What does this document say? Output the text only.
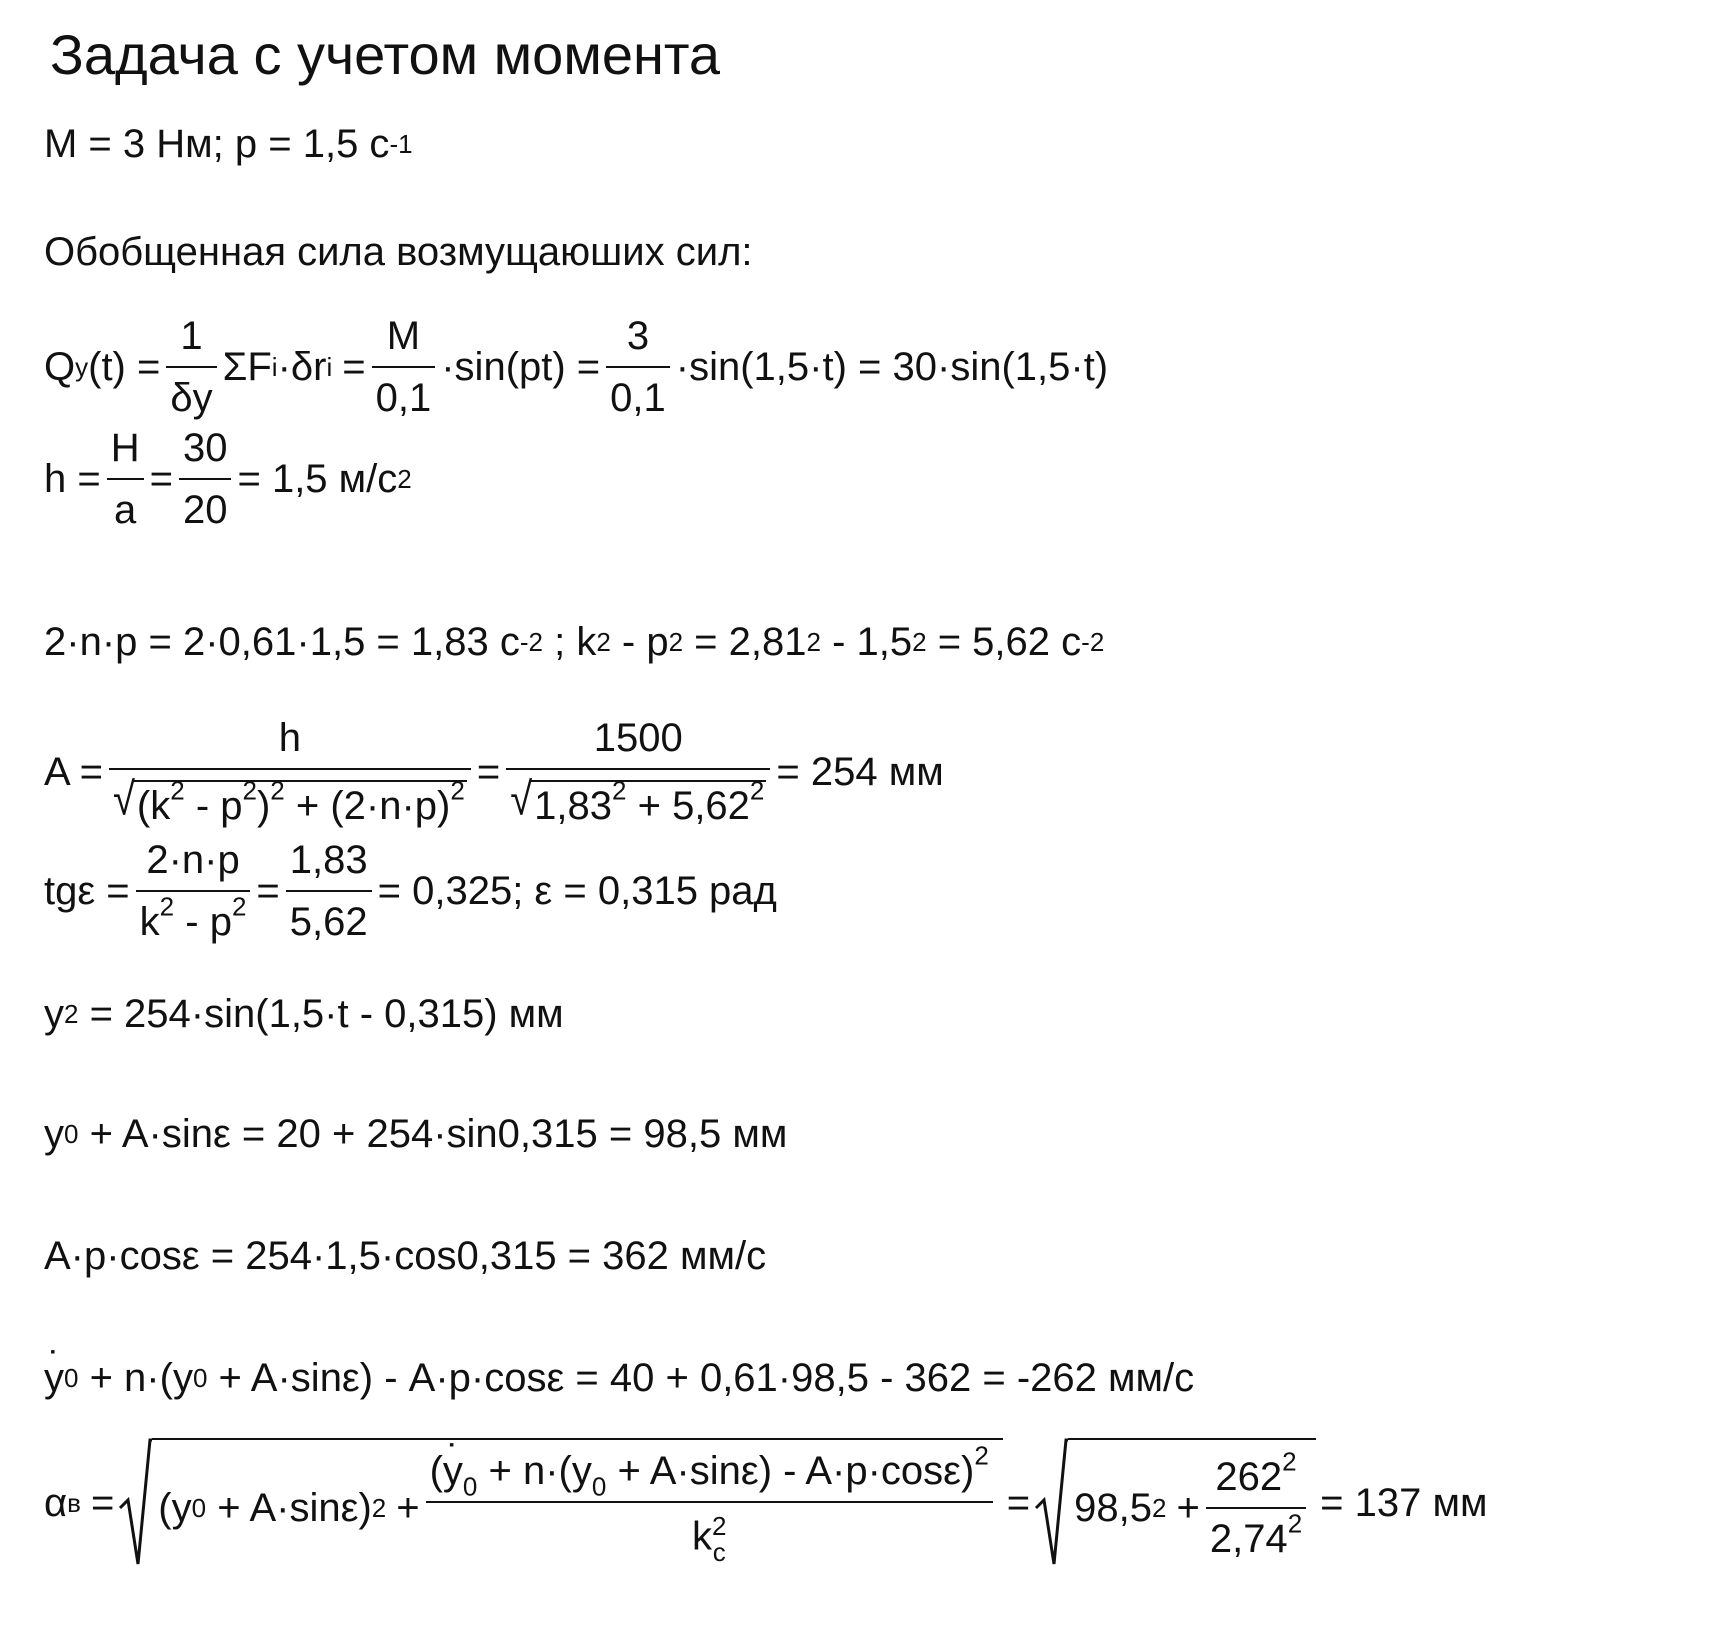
Задача с учетом момента
M = 3 Нм; p = 1,5 с -1
Обобщенная сила возмущаюших сил:
Q y $(t) = \frac{1}{\delta y}$ ΣF i ·δr $i = \frac{M}{0,1} \cdot\sin(pt) = \frac{3}{0,1} \cdot\sin(1,5\cdot t) = 30\cdot\sin(1,5\cdot t)$
$h = \frac{H}{a} = \frac{30}{20} = 1,5$ м/с 2
2·n·p = 2·0,61·1,5 = 1,83 c -2 ; k 2 - p 2 = 2,81 2 - 1,5 2 = 5,62 c -2
$A = \frac{h}{√ (k^2 - p^2)^2 + (2\cdot n\cdot p)^2} = \frac{1500}{√ 1,83^2 + 5,62^2} = 254$ мм
$tg\varepsilon = \frac{2\cdot n\cdot p}{k^2 - p^2} = \frac{1,83}{5,62} = 0,325$; ε = 0,315 рад
y 2 = 254·sin(1,5·t - 0,315) мм
y 0 + A·sinε = 20 + 254·sin0,315 = 98,5 мм
A·p·cosε = 254·1,5·cos0,315 = 362 мм/с
˙ y 0 + n·(y 0 + A·sinε) - A·p·cosε = 40 + 0,61·98,5 - 362 = -262 мм/с
α в = (y 0 + A·sinε) 2 + (˙ $y_0 + n\cdot(y_0 + A\cdot\sin\varepsilon) - A\cdot p\cdot\cos\varepsilon)^2$
k 2
c = 98,5 $2 + \frac{262^2}{2,74^2} = 137$ мм
